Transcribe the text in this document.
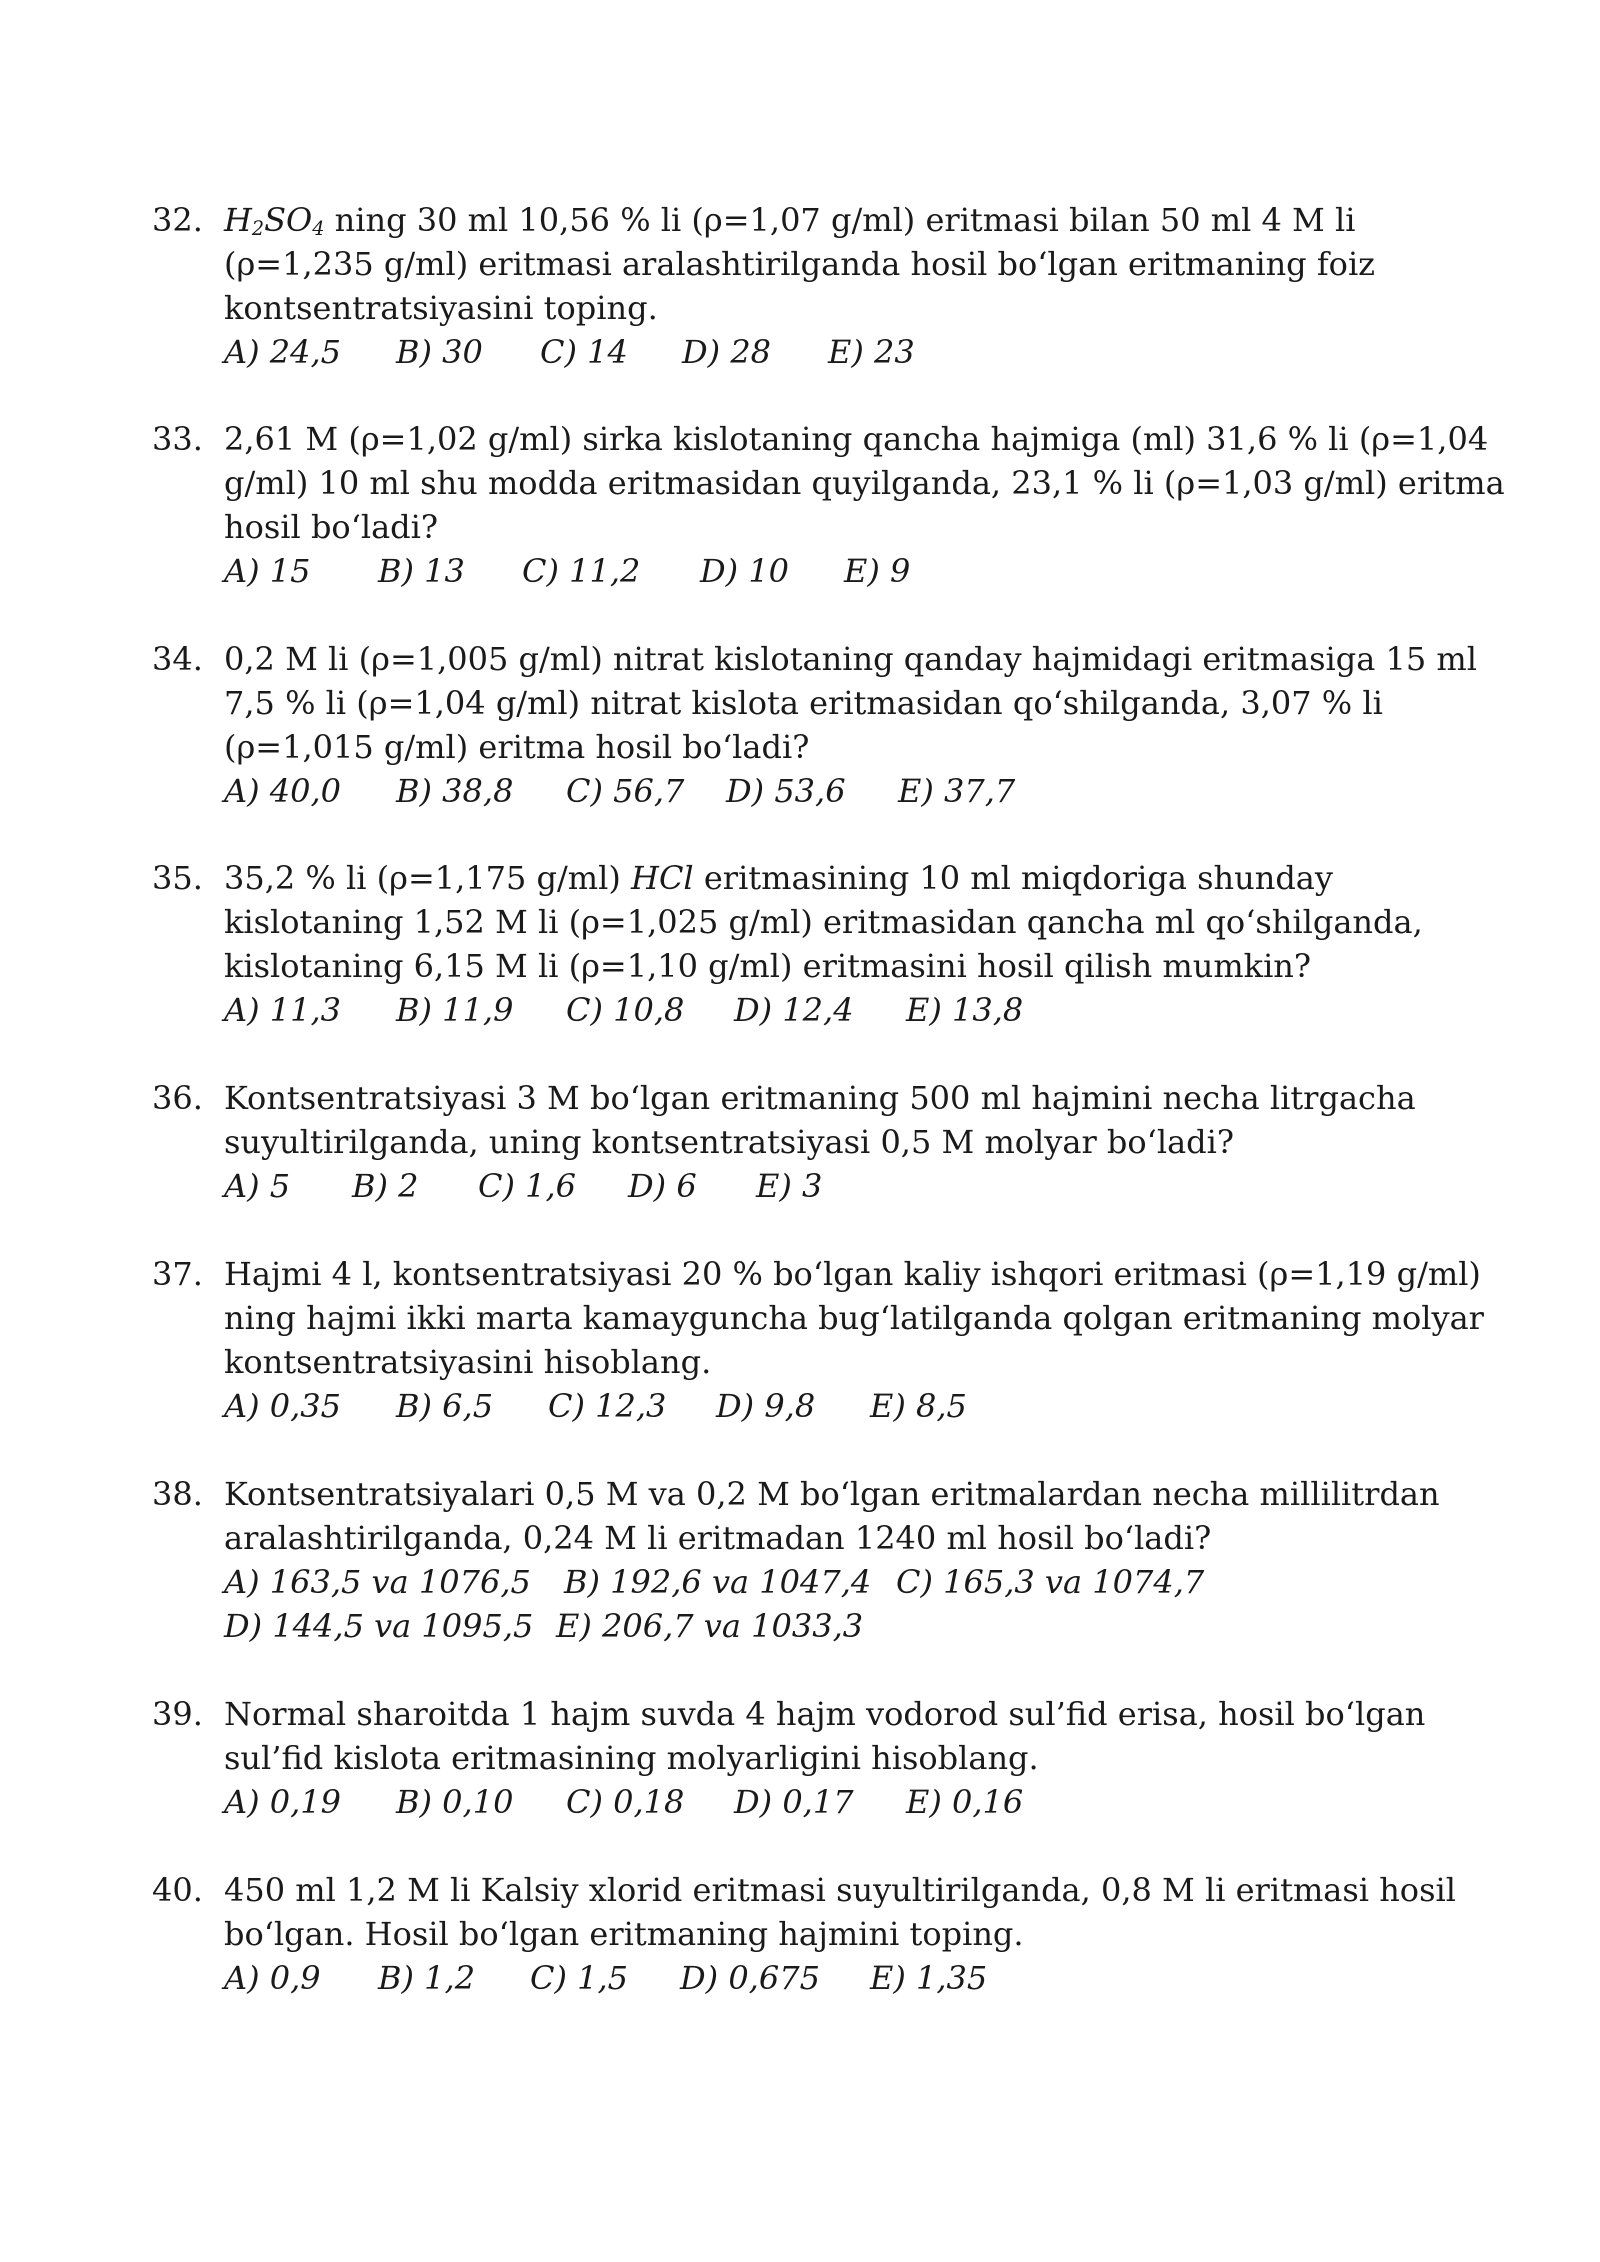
32. $H_2SO_4$ ning 30 ml 10,56 % li (ρ=1,07 g/ml) eritmasi bilan 50 ml 4 M li (ρ=1,235 g/ml) eritmasi aralashtirilganda hosil boʻlgan eritmaning foiz kontsentratsiyasini toping.

A) 24,5 B) 30 C) 14 D) 28 E) 23
33. 2,61 M (ρ=1,02 g/ml) sirka kislotaning qancha hajmiga (ml) 31,6 % li (ρ=1,04 g/ml) 10 ml shu modda eritmasidan quyilganda, 23,1 % li (ρ=1,03 g/ml) eritma hosil boʻladi?

A) 15 B) 13 C) 11,2 D) 10 E) 9
34. 0,2 M li (ρ=1,005 g/ml) nitrat kislotaning qanday hajmidagi eritmasiga 15 ml 7,5 % li (ρ=1,04 g/ml) nitrat kislota eritmasidan qoʻshilganda, 3,07 % li (ρ=1,015 g/ml) eritma hosil boʻladi?

A) 40,0 B) 38,8 C) 56,7 D) 53,6 E) 37,7
35. 35,2 % li (ρ=1,175 g/ml) HCl eritmasining 10 ml miqdoriga shunday kislotaning 1,52 M li (ρ=1,025 g/ml) eritmasidan qancha ml qoʻshilganda, kislotaning 6,15 M li (ρ=1,10 g/ml) eritmasini hosil qilish mumkin?

A) 11,3 B) 11,9 C) 10,8 D) 12,4 E) 13,8
36. Kontsentratsiyasi 3 M boʻlgan eritmaning 500 ml hajmini necha litrgacha suyultirilganda, uning kontsentratsiyasi 0,5 M molyar boʻladi?

A) 5 B) 2 C) 1,6 D) 6 E) 3
37. Hajmi 4 l, kontsentratsiyasi 20 % boʻlgan kaliy ishqori eritmasi (ρ=1,19 g/ml) ning hajmi ikki marta kamayguncha bugʻlatilganda qolgan eritmaning molyar kontsentratsiyasini hisoblang.

A) 0,35 B) 6,5 C) 12,3 D) 9,8 E) 8,5
38. Kontsentratsiyalari 0,5 M va 0,2 M boʻlgan eritmalardan necha millilitrdan aralashtirilganda, 0,24 M li eritmadan 1240 ml hosil boʻladi?

A) 163,5 va 1076,5 B) 192,6 va 1047,4 C) 165,3 va 1074,7
D) 144,5 va 1095,5 E) 206,7 va 1033,3
39. Normal sharoitda 1 hajm suvda 4 hajm vodorod sul’fid erisa, hosil boʻlgan sul’fid kislota eritmasining molyarligini hisoblang.

A) 0,19 B) 0,10 C) 0,18 D) 0,17 E) 0,16
40. 450 ml 1,2 M li Kalsiy xlorid eritmasi suyultirilganda, 0,8 M li eritmasi hosil boʻlgan. Hosil boʻlgan eritmaning hajmini toping.

A) 0,9 B) 1,2 C) 1,5 D) 0,675 E) 1,35
